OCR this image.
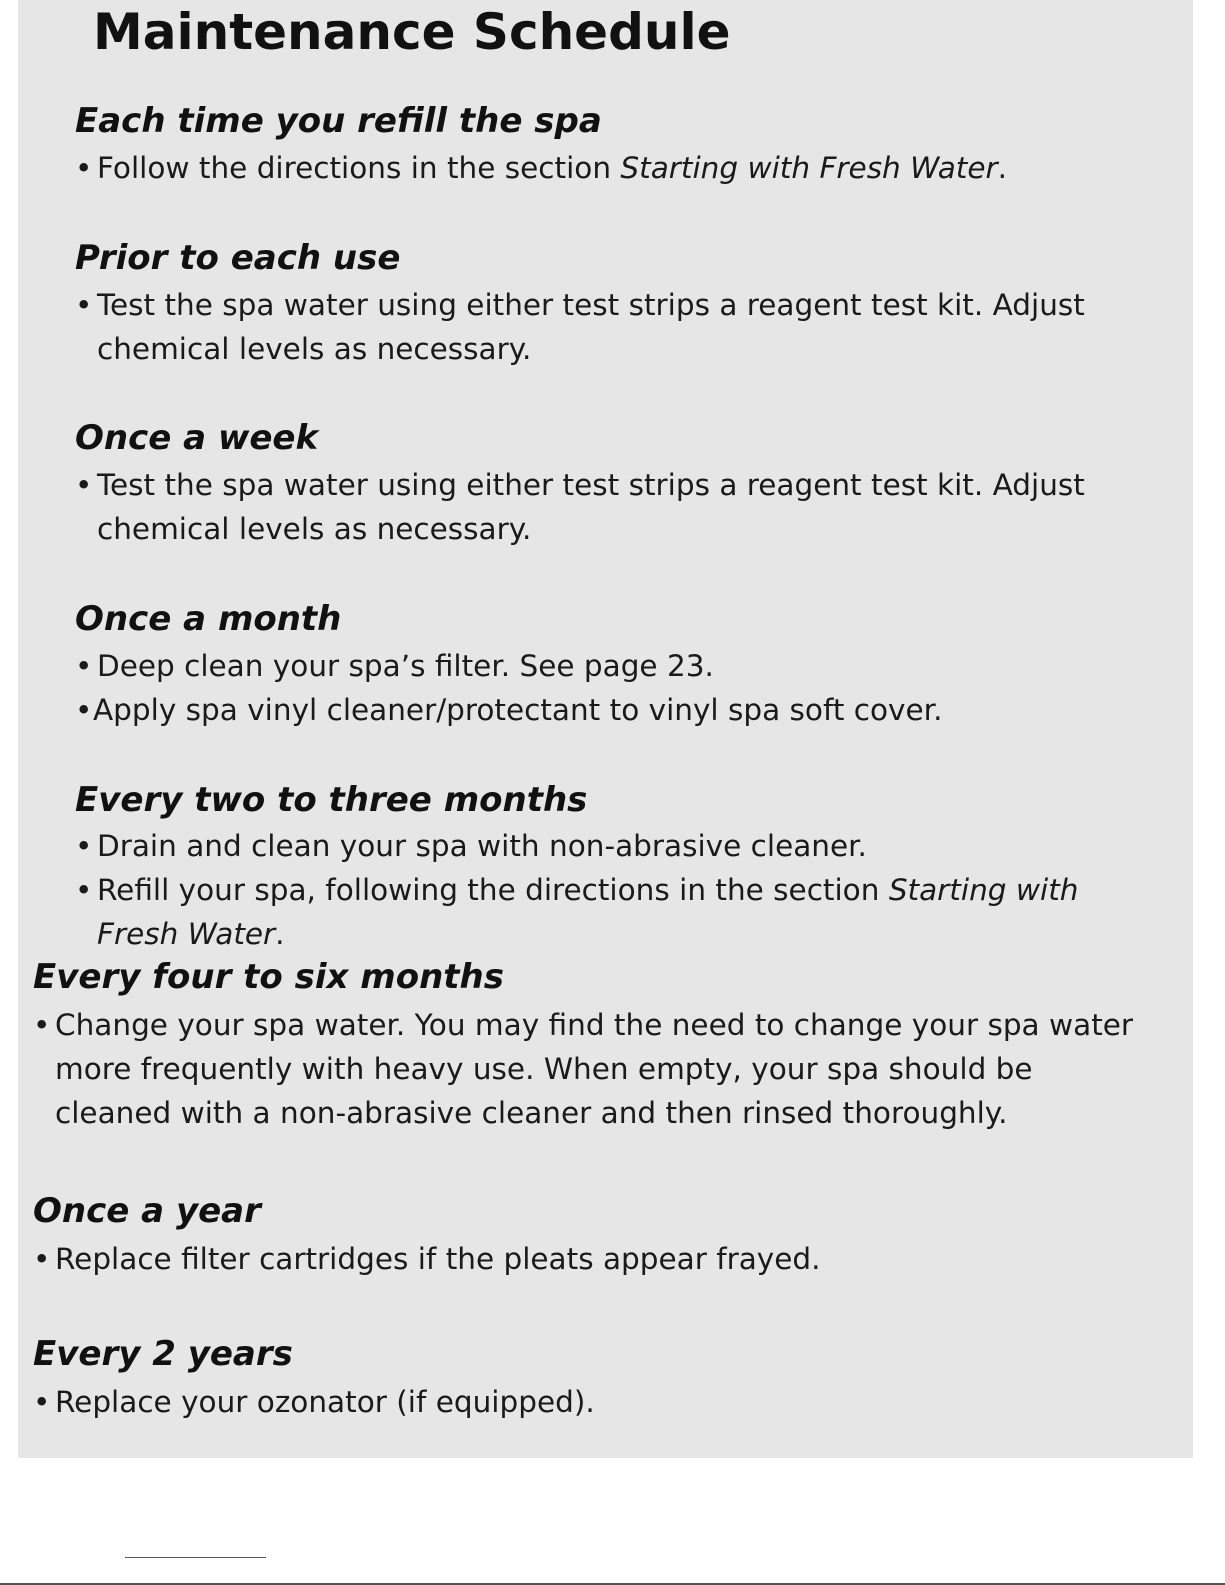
Maintenance Schedule
Each time you refill the spa
• Follow the directions in the section Starting with Fresh Water.
Prior to each use
• Test the spa water using either test strips a reagent test kit. Adjust chemical levels as necessary.
Once a week
• Test the spa water using either test strips a reagent test kit. Adjust chemical levels as necessary.
Once a month
• Deep clean your spa’s filter. See page 23.
• Apply spa vinyl cleaner/protectant to vinyl spa soft cover.
Every two to three months
• Drain and clean your spa with non-abrasive cleaner.
• Refill your spa, following the directions in the section Starting with Fresh Water.
Every four to six months
• Change your spa water. You may find the need to change your spa water more frequently with heavy use. When empty, your spa should be cleaned with a non-abrasive cleaner and then rinsed thoroughly.
Once a year
• Replace filter cartridges if the pleats appear frayed.
Every 2 years
• Replace your ozonator (if equipped).
